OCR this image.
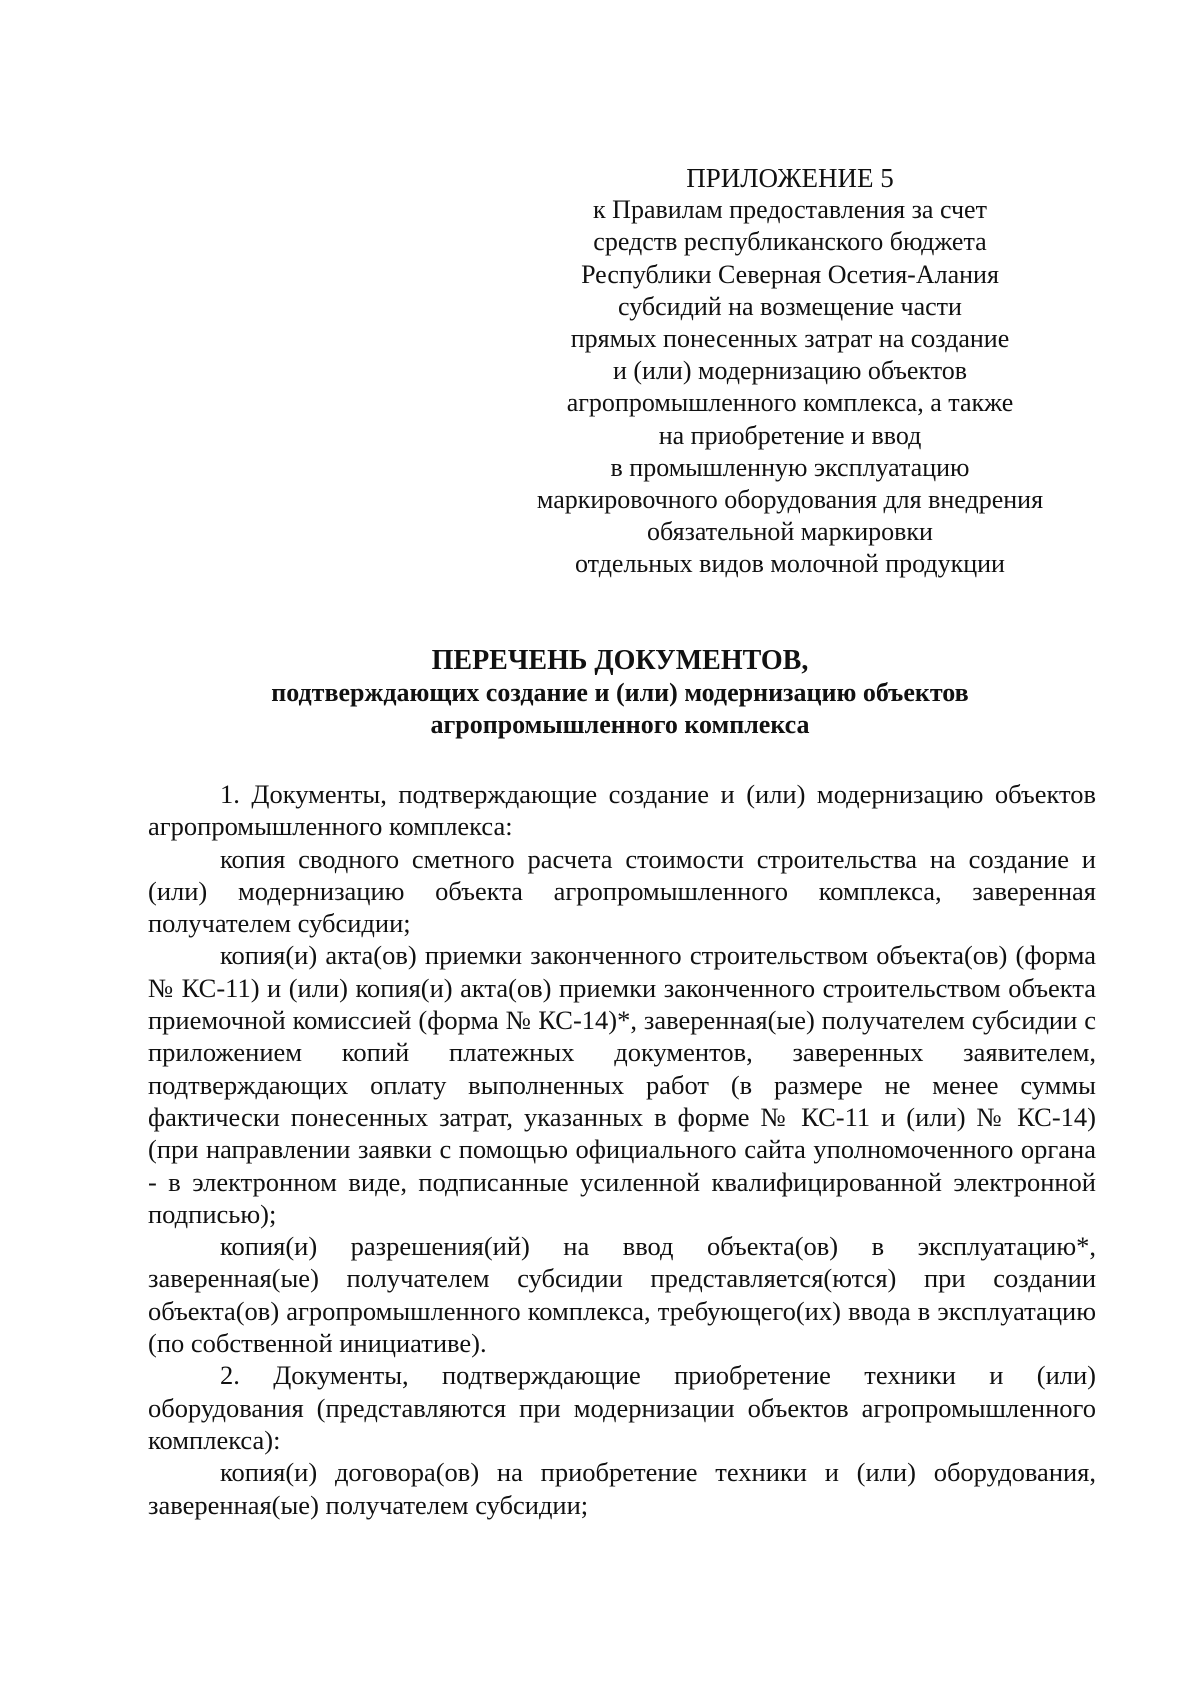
ПРИЛОЖЕНИЕ 5
к Правилам предоставления за счет
средств республиканского бюджета
Республики Северная Осетия-Алания
субсидий на возмещение части
прямых понесенных затрат на создание
и (или) модернизацию объектов
агропромышленного комплекса, а также
на приобретение и ввод
в промышленную эксплуатацию
маркировочного оборудования для внедрения
обязательной маркировки
отдельных видов молочной продукции
ПЕРЕЧЕНЬ ДОКУМЕНТОВ,
подтверждающих создание и (или) модернизацию объектов
агропромышленного комплекса

1. Документы, подтверждающие создание и (или) модернизацию объектов агропромышленного комплекса:

копия сводного сметного расчета стоимости строительства на создание и (или) модернизацию объекта агропромышленного комплекса, заверенная получателем субсидии;

копия(и) акта(ов) приемки законченного строительством объекта(ов) (форма № КС-11) и (или) копия(и) акта(ов) приемки законченного строительством объекта приемочной комиссией (форма № КС-14)*, заверенная(ые) получателем субсидии с приложением копий платежных документов, заверенных заявителем, подтверждающих оплату выполненных работ (в размере не менее суммы фактически понесенных затрат, указанных в форме № КС-11 и (или) № КС-14) (при направлении заявки с помощью официального сайта уполномоченного органа - в электронном виде, подписанные усиленной квалифицированной электронной подписью);

копия(и) разрешения(ий) на ввод объекта(ов) в эксплуатацию*, заверенная(ые) получателем субсидии представляется(ются) при создании объекта(ов) агропромышленного комплекса, требующего(их) ввода в эксплуатацию (по собственной инициативе).

2. Документы, подтверждающие приобретение техники и (или) оборудования (представляются при модернизации объектов агропромышленного комплекса):

копия(и) договора(ов) на приобретение техники и (или) оборудования, заверенная(ые) получателем субсидии;
